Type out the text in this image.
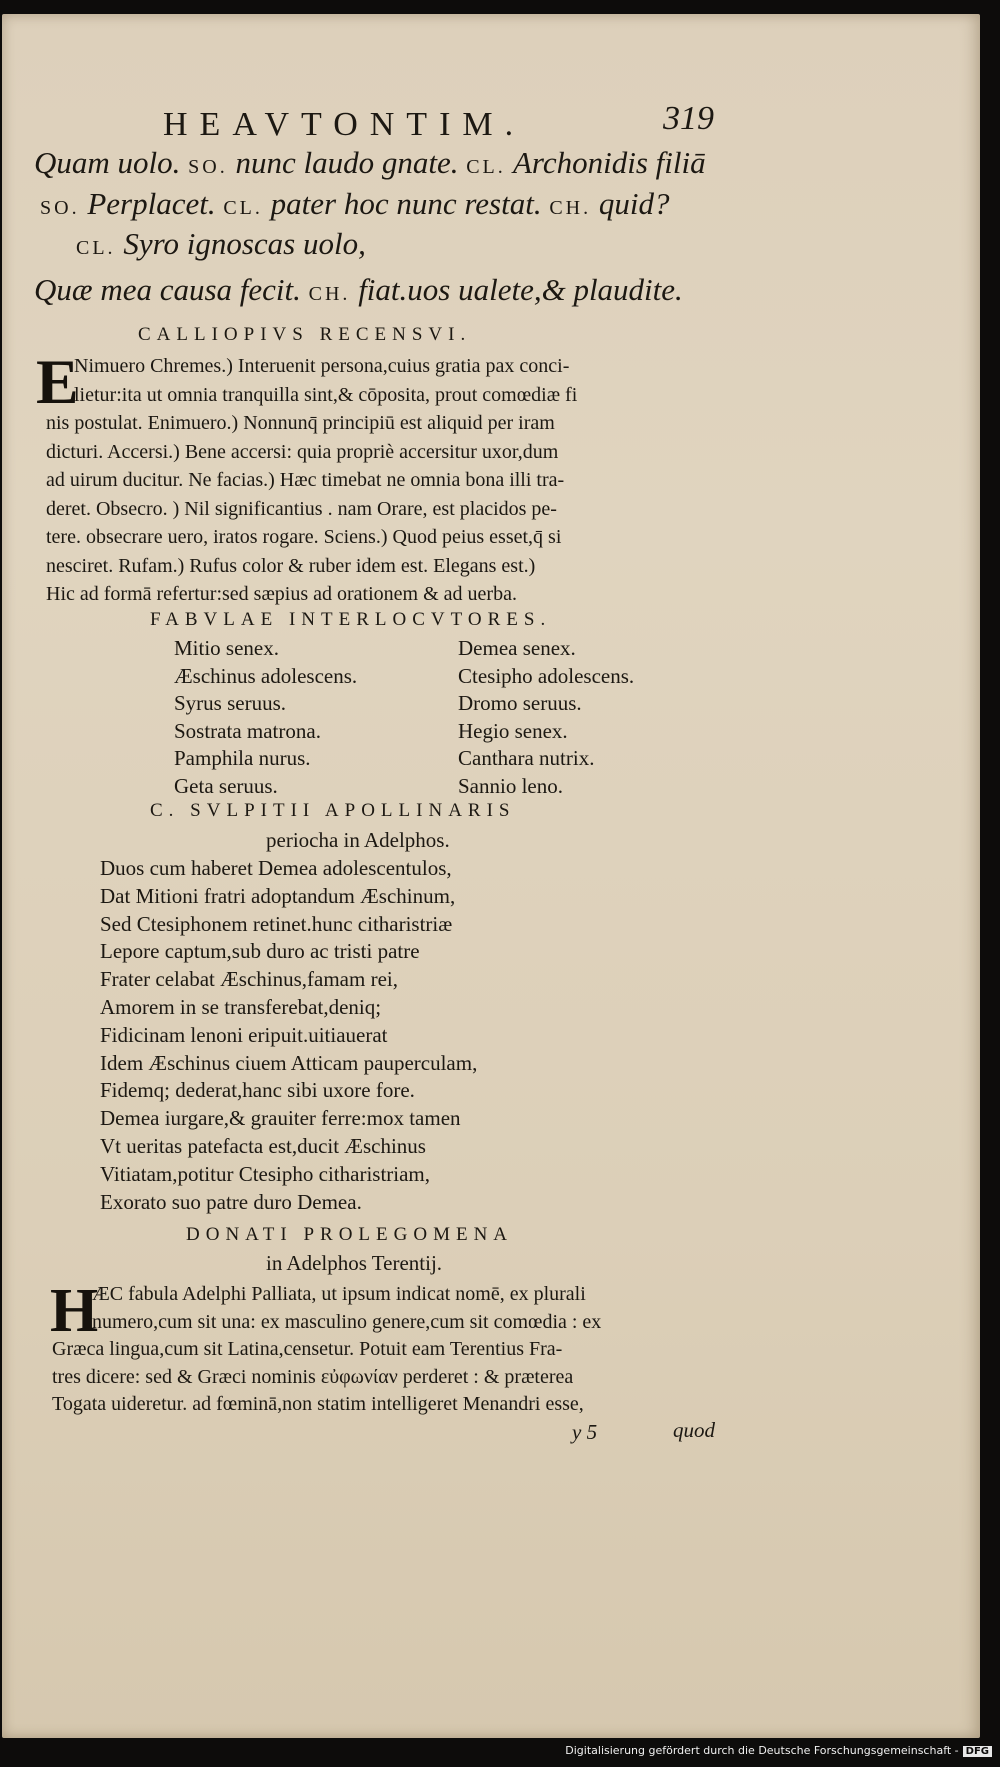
HEAVTONTIM.	319
Quam uolo. SO. nunc laudo gnate. CL. Archonidis filiā
SO. Perplacet. CL. pater hoc nunc restat. CH. quid?
CL. Syro ignoscas uolo,
Quæ mea causa fecit. CH. fiat.uos ualete,& plaudite.
CALLIOPIVS RECENSVI.
E
Nimuero Chremes.) Interuenit persona,cuius gratia pax conci-
lietur:ita ut omnia tranquilla sint,& cōposita, prout comœdiæ fi
nis postulat. Enimuero.) Nonnunq̄ principiū est aliquid per iram
dicturi. Accersi.) Bene accersi: quia propriè accersitur uxor,dum
ad uirum ducitur. Ne facias.) Hæc timebat ne omnia bona illi tra-
deret. Obsecro. ) Nil significantius . nam Orare, est placidos pe-
tere. obsecrare uero, iratos rogare. Sciens.) Quod peius esset,q̄ si
nesciret. Rufam.) Rufus color & ruber idem est. Elegans est.)
Hic ad formā refertur:sed sæpius ad orationem & ad uerba.
FABVLAE INTERLOCVTORES.
Mitio senex.
Æschinus adolescens.
Syrus seruus.
Sostrata matrona.
Pamphila nurus.
Geta seruus.
Demea senex.
Ctesipho adolescens.
Dromo seruus.
Hegio senex.
Canthara nutrix.
Sannio leno.
C. SVLPITII APOLLINARIS
periocha in Adelphos.
Duos cum haberet Demea adolescentulos,
Dat Mitioni fratri adoptandum Æschinum,
Sed Ctesiphonem retinet.hunc citharistriæ
Lepore captum,sub duro ac tristi patre
Frater celabat Æschinus,famam rei,
Amorem in se transferebat,deniq;
Fidicinam lenoni eripuit.uitiauerat
Idem Æschinus ciuem Atticam pauperculam,
Fidemq; dederat,hanc sibi uxore fore.
Demea iurgare,& grauiter ferre:mox tamen
Vt ueritas patefacta est,ducit Æschinus
Vitiatam,potitur Ctesipho citharistriam,
Exorato suo patre duro Demea.
DONATI PROLEGOMENA
in Adelphos Terentij.
H
ÆC fabula Adelphi Palliata, ut ipsum indicat nomē, ex plurali
numero,cum sit una: ex masculino genere,cum sit comœdia : ex
Græca lingua,cum sit Latina,censetur. Potuit eam Terentius Fra-
tres dicere: sed & Græci nominis εὐφωνίαν perderet : & præterea
Togata uideretur. ad fœminā,non statim intelligeret Menandri esse,
y 5	quod
Digitalisierung gefördert durch die Deutsche Forschungsgemeinschaft - DFG
